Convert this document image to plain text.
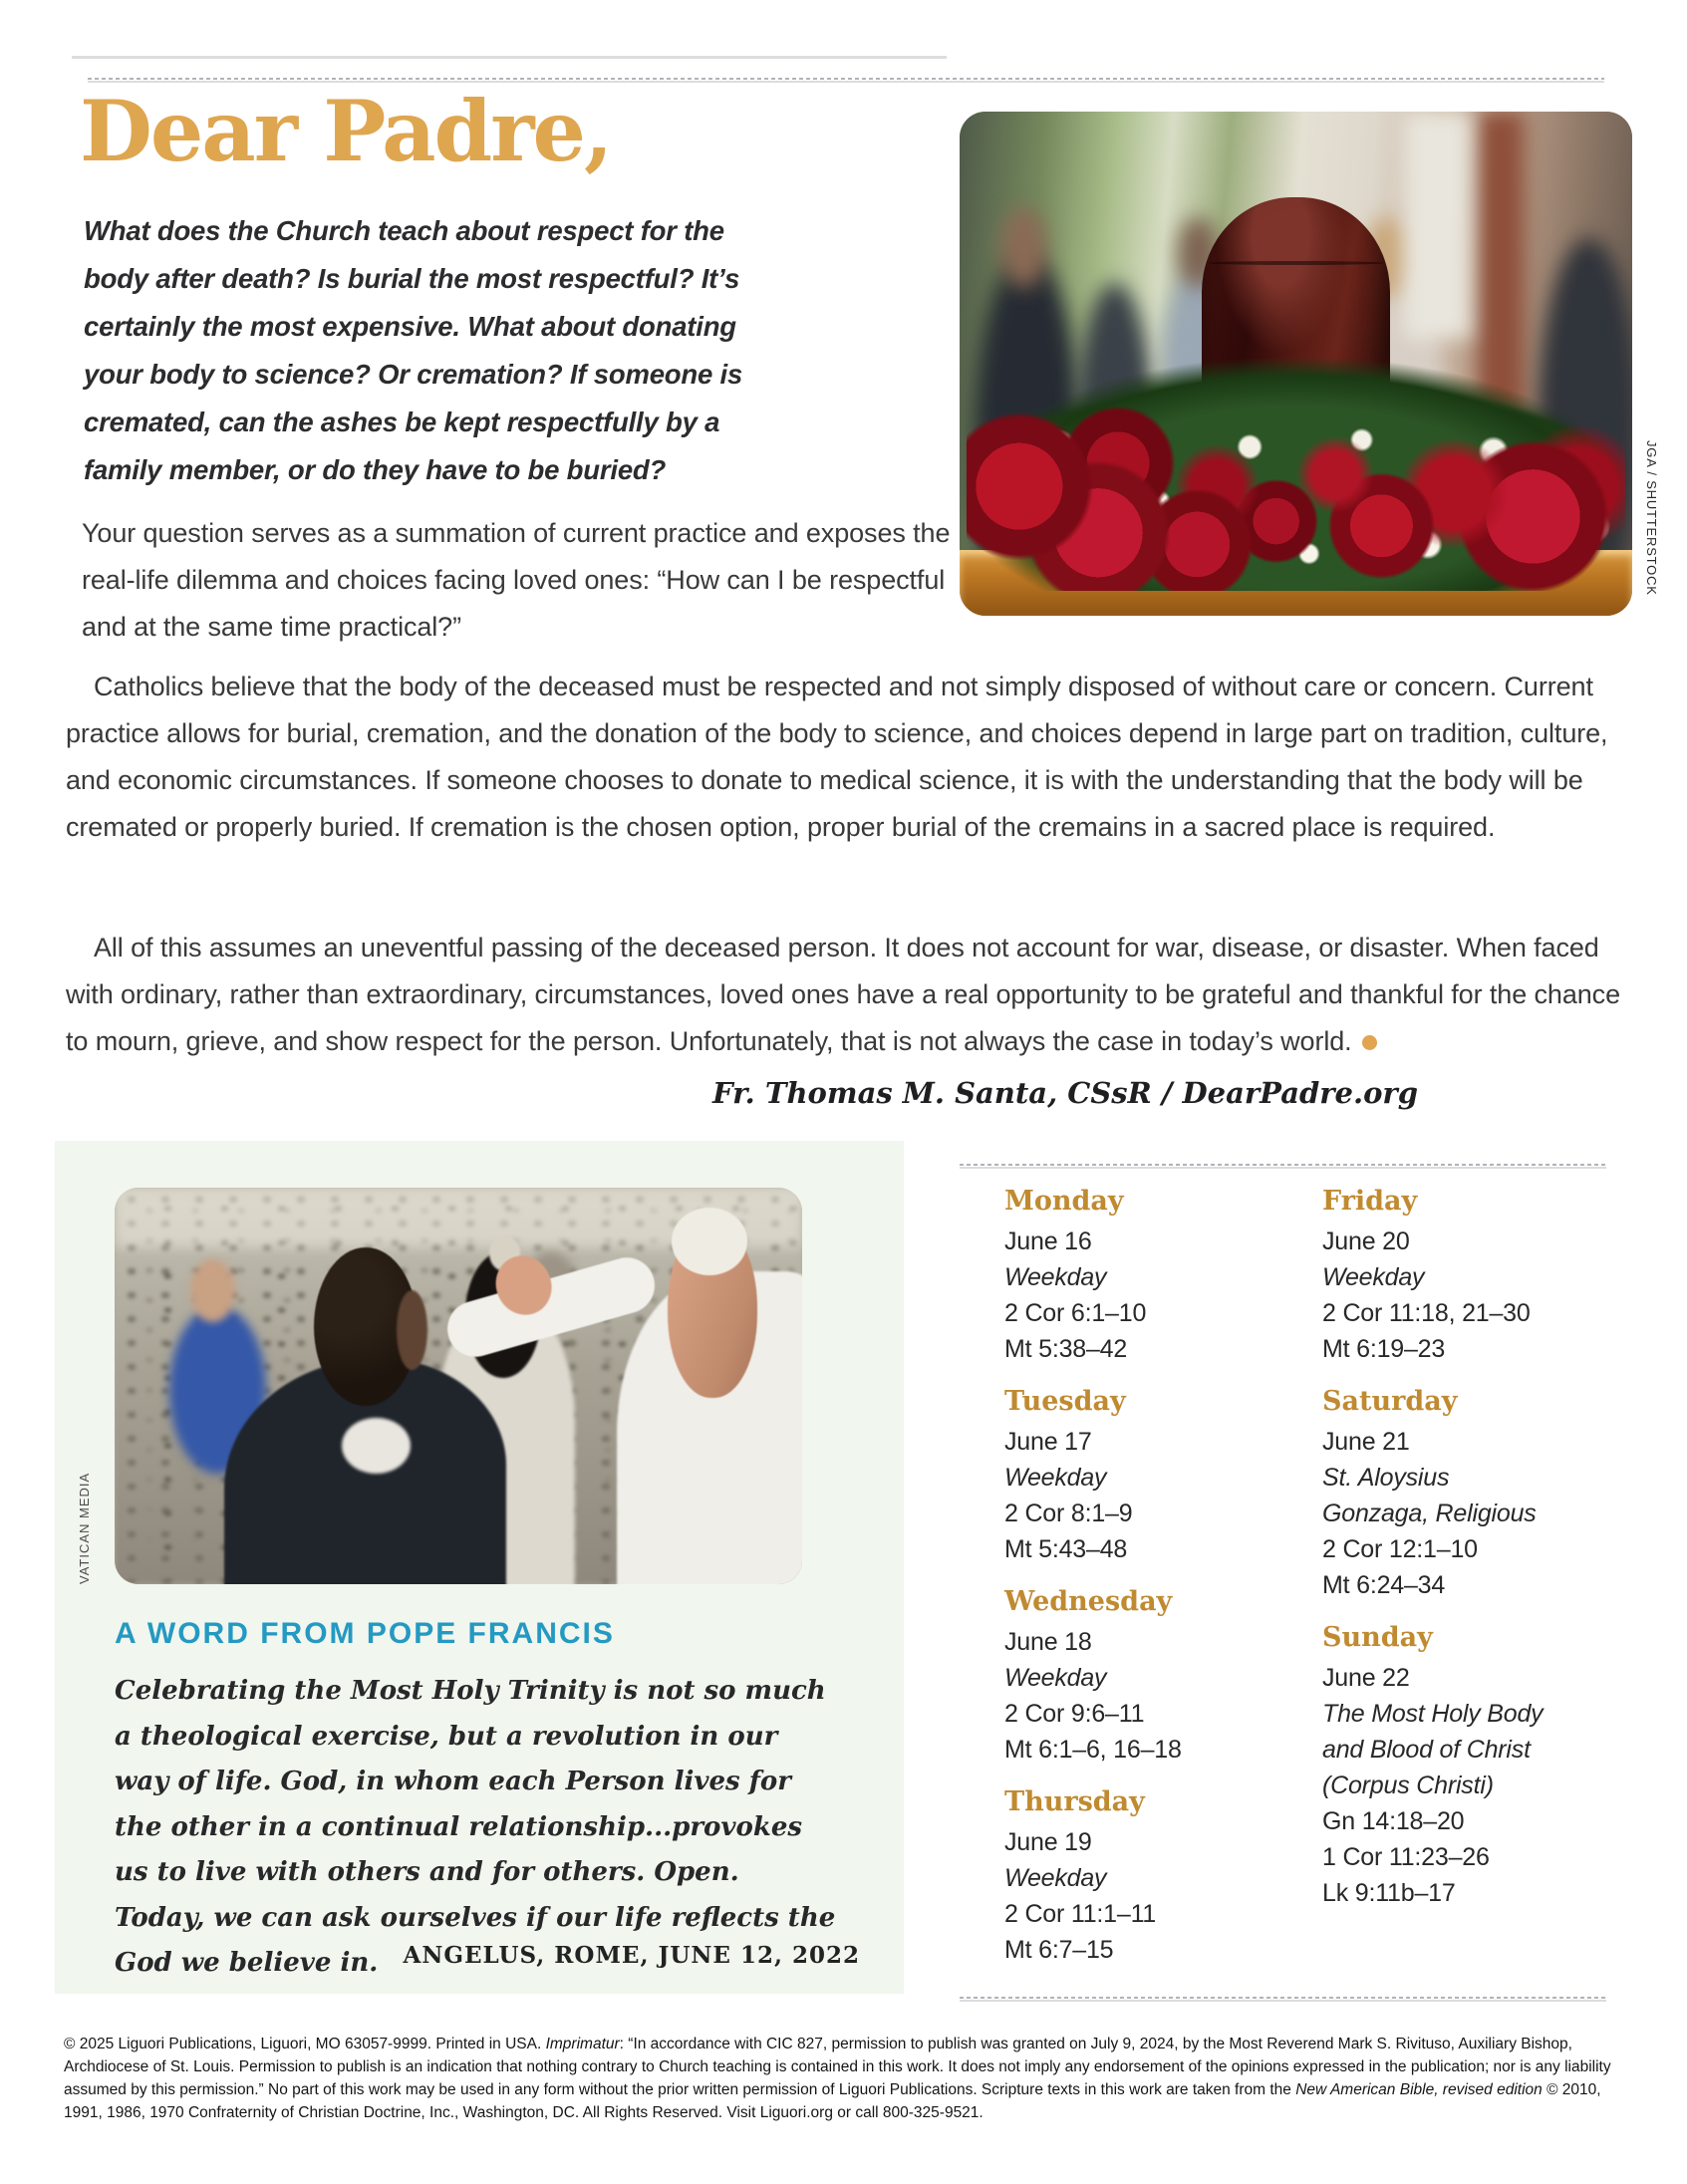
Dear Padre,
What does the Church teach about respect for the body after death? Is burial the most respectful? It’s certainly the most expensive. What about donating your body to science? Or cremation? If someone is cremated, can the ashes be kept respectfully by a family member, or do they have to be buried?	JGA / SHUTTERSTOCK
Your question serves as a summation of current practice and exposes the real-life dilemma and choices facing loved ones: “How can I be respectful and at the same time practical?”
Catholics believe that the body of the deceased must be respected and not simply disposed of without care or concern. Current practice allows for burial, cremation, and the donation of the body to science, and choices depend in large part on tradition, culture, and economic circumstances. If someone chooses to donate to medical science, it is with the understanding that the body will be cremated or properly buried. If cremation is the chosen option, proper burial of the cremains in a sacred place is required.
All of this assumes an uneventful passing of the deceased person. It does not account for war, disease, or disaster. When faced with ordinary, rather than extraordinary, circumstances, loved ones have a real opportunity to be grateful and thankful for the chance to mourn, grieve, and show respect for the person. Unfortunately, that is not always the case in today’s world.
Fr. Thomas M. Santa, CSsR / DearPadre.org
VATICAN MEDIA
A WORD FROM POPE FRANCIS
Celebrating the Most Holy Trinity is not so much a theological exercise, but a revolution in our way of life. God, in whom each Person lives for the other in a continual relationship...provokes us to live with others and for others. Open. Today, we can ask ourselves if our life reflects the God we believe in.	ANGELUS, ROME, JUNE 12, 2022
Monday
June 16
Weekday
2 Cor 6:1–10
Mt 5:38–42
Tuesday
June 17
Weekday
2 Cor 8:1–9
Mt 5:43–48
Wednesday
June 18
Weekday
2 Cor 9:6–11
Mt 6:1–6, 16–18
Thursday
June 19
Weekday
2 Cor 11:1–11
Mt 6:7–15
Friday
June 20
Weekday
2 Cor 11:18, 21–30
Mt 6:19–23
Saturday
June 21
St. Aloysius Gonzaga, Religious
2 Cor 12:1–10
Mt 6:24–34
Sunday
June 22
The Most Holy Body and Blood of Christ (Corpus Christi)
Gn 14:18–20
1 Cor 11:23–26
Lk 9:11b–17
© 2025 Liguori Publications, Liguori, MO 63057-9999. Printed in USA. Imprimatur: “In accordance with CIC 827, permission to publish was granted on July 9, 2024, by the Most Reverend Mark S. Rivituso, Auxiliary Bishop, Archdiocese of St. Louis. Permission to publish is an indication that nothing contrary to Church teaching is contained in this work. It does not imply any endorsement of the opinions expressed in the publication; nor is any liability assumed by this permission.” No part of this work may be used in any form without the prior written permission of Liguori Publications. Scripture texts in this work are taken from the New American Bible, revised edition © 2010, 1991, 1986, 1970 Confraternity of Christian Doctrine, Inc., Washington, DC. All Rights Reserved. Visit Liguori.org or call 800-325-9521.
